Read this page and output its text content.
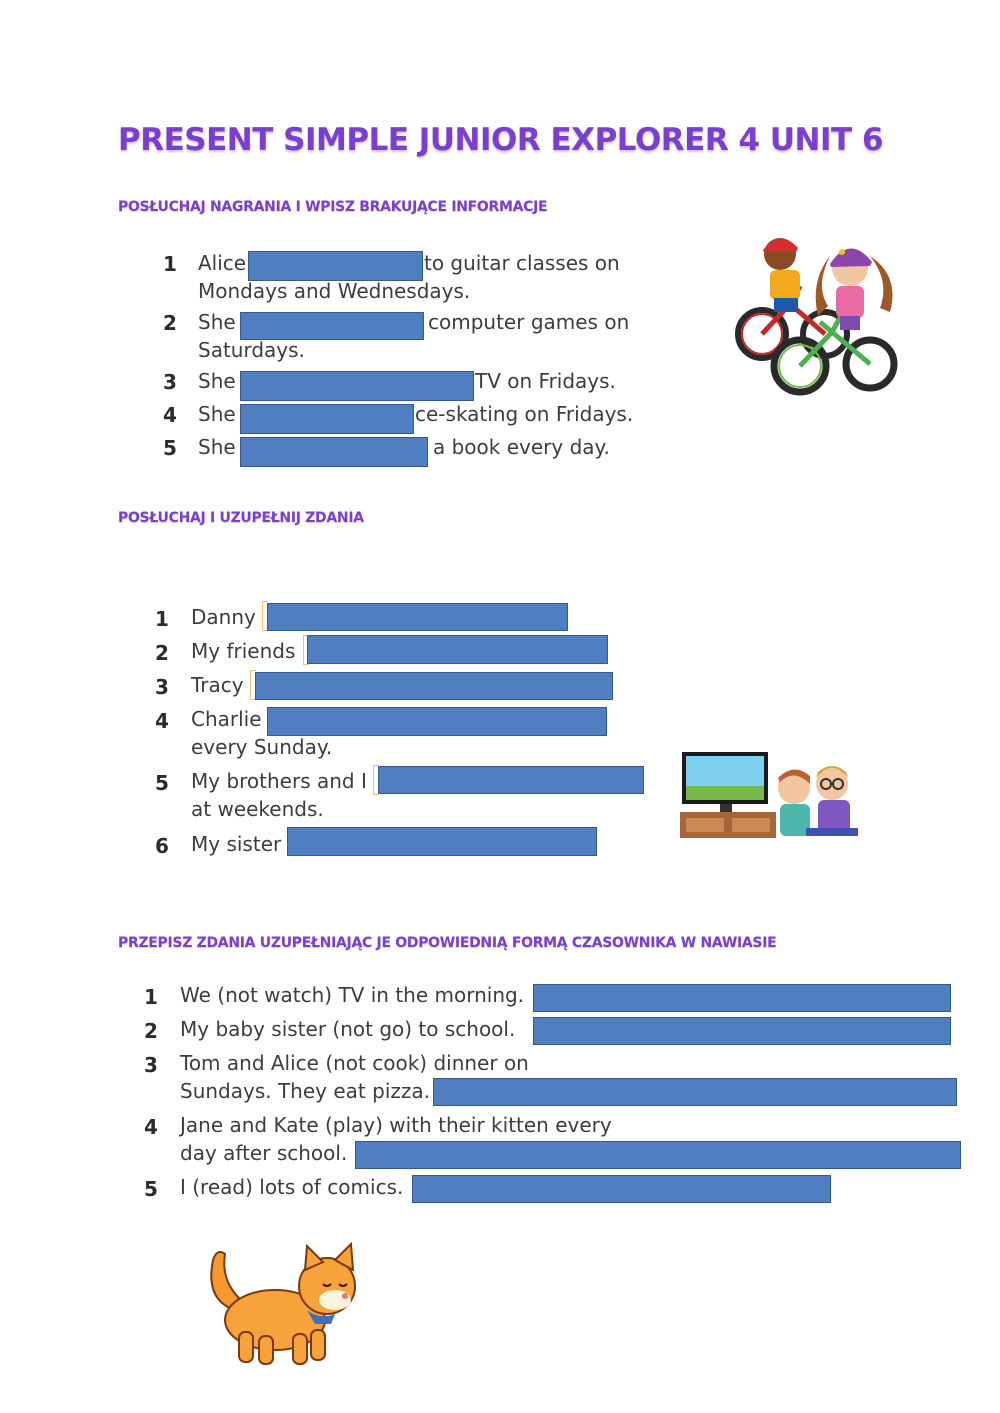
PRESENT SIMPLE JUNIOR EXPLORER 4 UNIT 6
POSŁUCHAJ NAGRANIA I WPISZ BRAKUJĄCE INFORMACJE
1 Alice	to guitar classes on
Mondays and Wednesdays.
2 She	computer games on
Saturdays.
3 She	TV on Fridays.
4 She	ce-skating on Fridays.
5 She	a book every day.
POSŁUCHAJ I UZUPEŁNIJ ZDANIA
1 Danny
2 My friends
3 Tracy
4 Charlie
every Sunday.
5 My brothers and I
at weekends.
6 My sister
PRZEPISZ ZDANIA UZUPEŁNIAJĄC JE ODPOWIEDNIĄ FORMĄ CZASOWNIKA W NAWIASIE
1 We (not watch) TV in the morning.
2 My baby sister (not go) to school.
3 Tom and Alice (not cook) dinner on
Sundays. They eat pizza.
4 Jane and Kate (play) with their kitten every
day after school.
5 I (read) lots of comics.
